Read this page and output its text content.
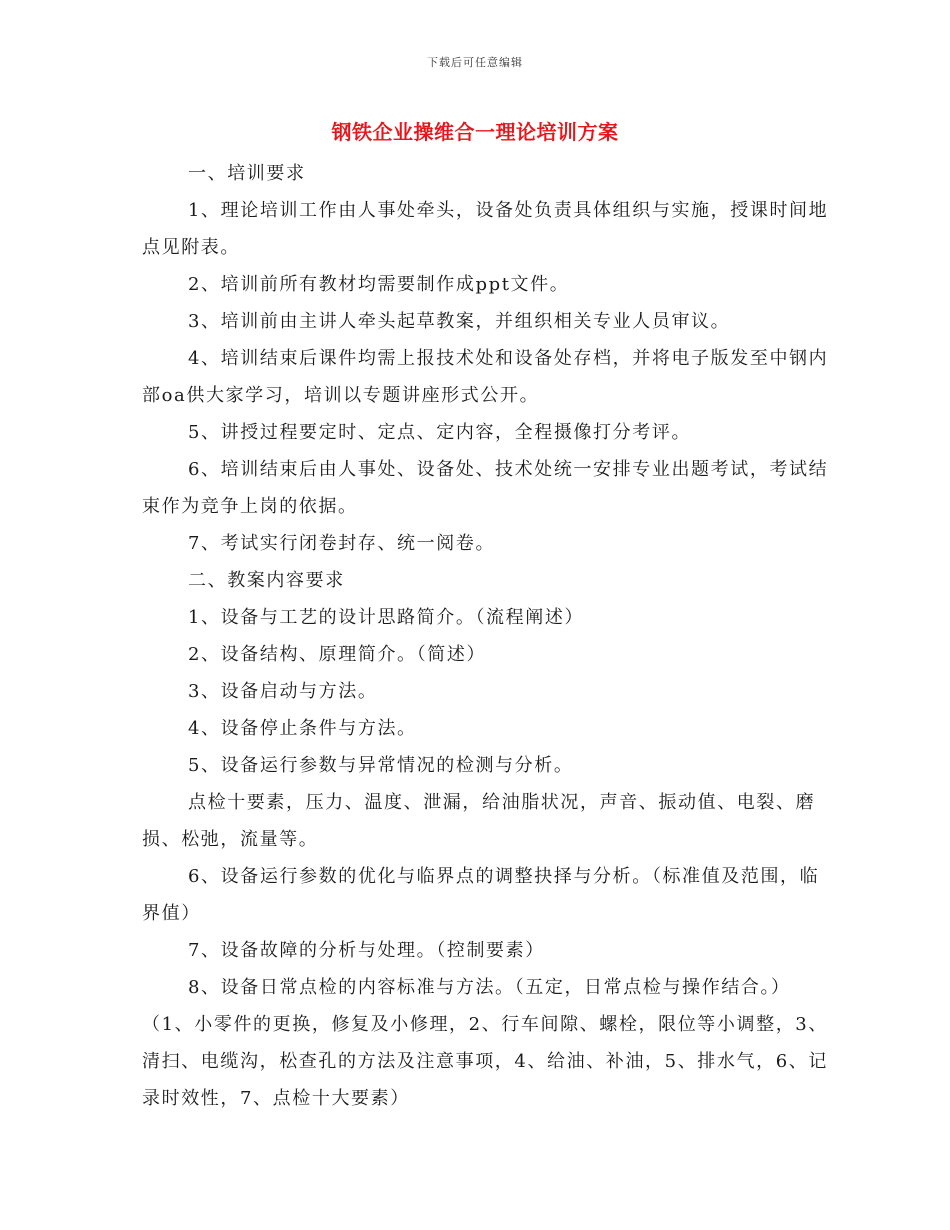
下载后可任意编辑
钢铁企业操维合一理论培训方案

一、培训要求

1、理论培训工作由人事处牵头，设备处负责具体组织与实施，授课时间地点见附表。

2、培训前所有教材均需要制作成ppt文件。

3、培训前由主讲人牵头起草教案，并组织相关专业人员审议。

4、培训结束后课件均需上报技术处和设备处存档，并将电子版发至中钢内部oa供大家学习，培训以专题讲座形式公开。

5、讲授过程要定时、定点、定内容，全程摄像打分考评。

6、培训结束后由人事处、设备处、技术处统一安排专业出题考试，考试结束作为竞争上岗的依据。

7、考试实行闭卷封存、统一阅卷。

二、教案内容要求

1、设备与工艺的设计思路简介。（流程阐述）

2、设备结构、原理简介。（简述）

3、设备启动与方法。

4、设备停止条件与方法。

5、设备运行参数与异常情况的检测与分析。

点检十要素，压力、温度、泄漏，给油脂状况，声音、振动值、电裂、磨损、松弛，流量等。

6、设备运行参数的优化与临界点的调整抉择与分析。（标准值及范围，临界值）

7、设备故障的分析与处理。（控制要素）

8、设备日常点检的内容标准与方法。（五定，日常点检与操作结合。）（1、小零件的更换，修复及小修理，2、行车间隙、螺栓，限位等小调整，3、清扫、电缆沟，松查孔的方法及注意事项，4、给油、补油，5、排水气，6、记录时效性，7、点检十大要素）
